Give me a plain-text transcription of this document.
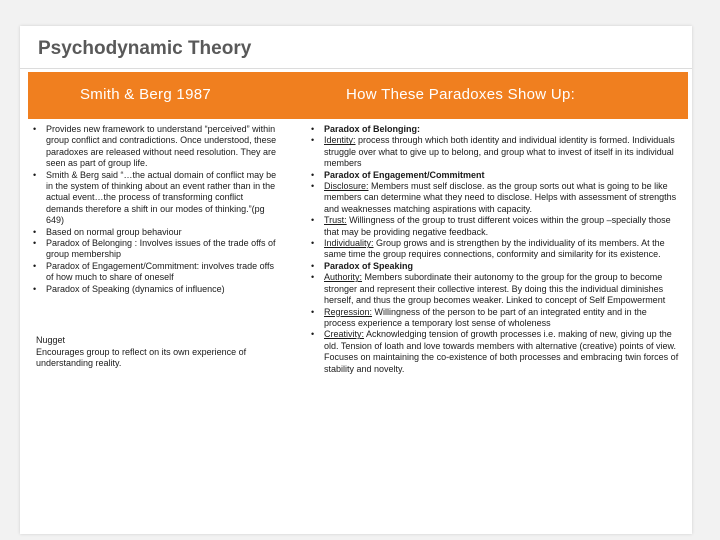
Psychodynamic Theory
Smith & Berg 1987	How These Paradoxes Show Up:
• Provides new framework to understand “perceived” within group conflict and contradictions. Once understood, these paradoxes are released without need resolution. They are seen as part of group life.
• Smith & Berg said “…the actual domain of conflict may be in the system of thinking about an event rather than in the actual event…the process of transforming conflict demands therefore a shift in our modes of thinking.”(pg 649)
• Based on normal group behaviour
• Paradox of Belonging : Involves issues of the trade offs of group membership
• Paradox of Engagement/Commitment: involves trade offs of how much to share of oneself
• Paradox of Speaking (dynamics of influence)
Nugget
Encourages group to reflect on its own experience of understanding reality.
• Paradox of Belonging:
• Identity: process through which both identity and individual identity is formed. Individuals struggle over what to give up to belong, and group what to invest of itself in its individual members
• Paradox of Engagement/Commitment
• Disclosure: Members must self disclose. as the group sorts out what is going to be like members can determine what they need to disclose. Helps with assessment of strengths and weaknesses matching aspirations with capacity.
• Trust: Willingness of the group to trust different voices within the group –specially those that may be providing negative feedback.
• Individuality: Group grows and is strengthen by the individuality of its members. At the same time the group requires connections, conformity and similarity for its existence.
• Paradox of Speaking
• Authority: Members subordinate their autonomy to the group for the group to become stronger and represent their collective interest. By doing this the individual diminishes herself, and thus the group becomes weaker. Linked to concept of Self Empowerment
• Regression: Willingness of the person to be part of an integrated entity and in the process experience a temporary lost sense of wholeness
• Creativity: Acknowledging tension of growth processes i.e. making of new, giving up the old. Tension of loath and love towards members with alternative (creative) points of view. Focuses on maintaining the co-existence of both processes and embracing twin forces of stability and novelty.
